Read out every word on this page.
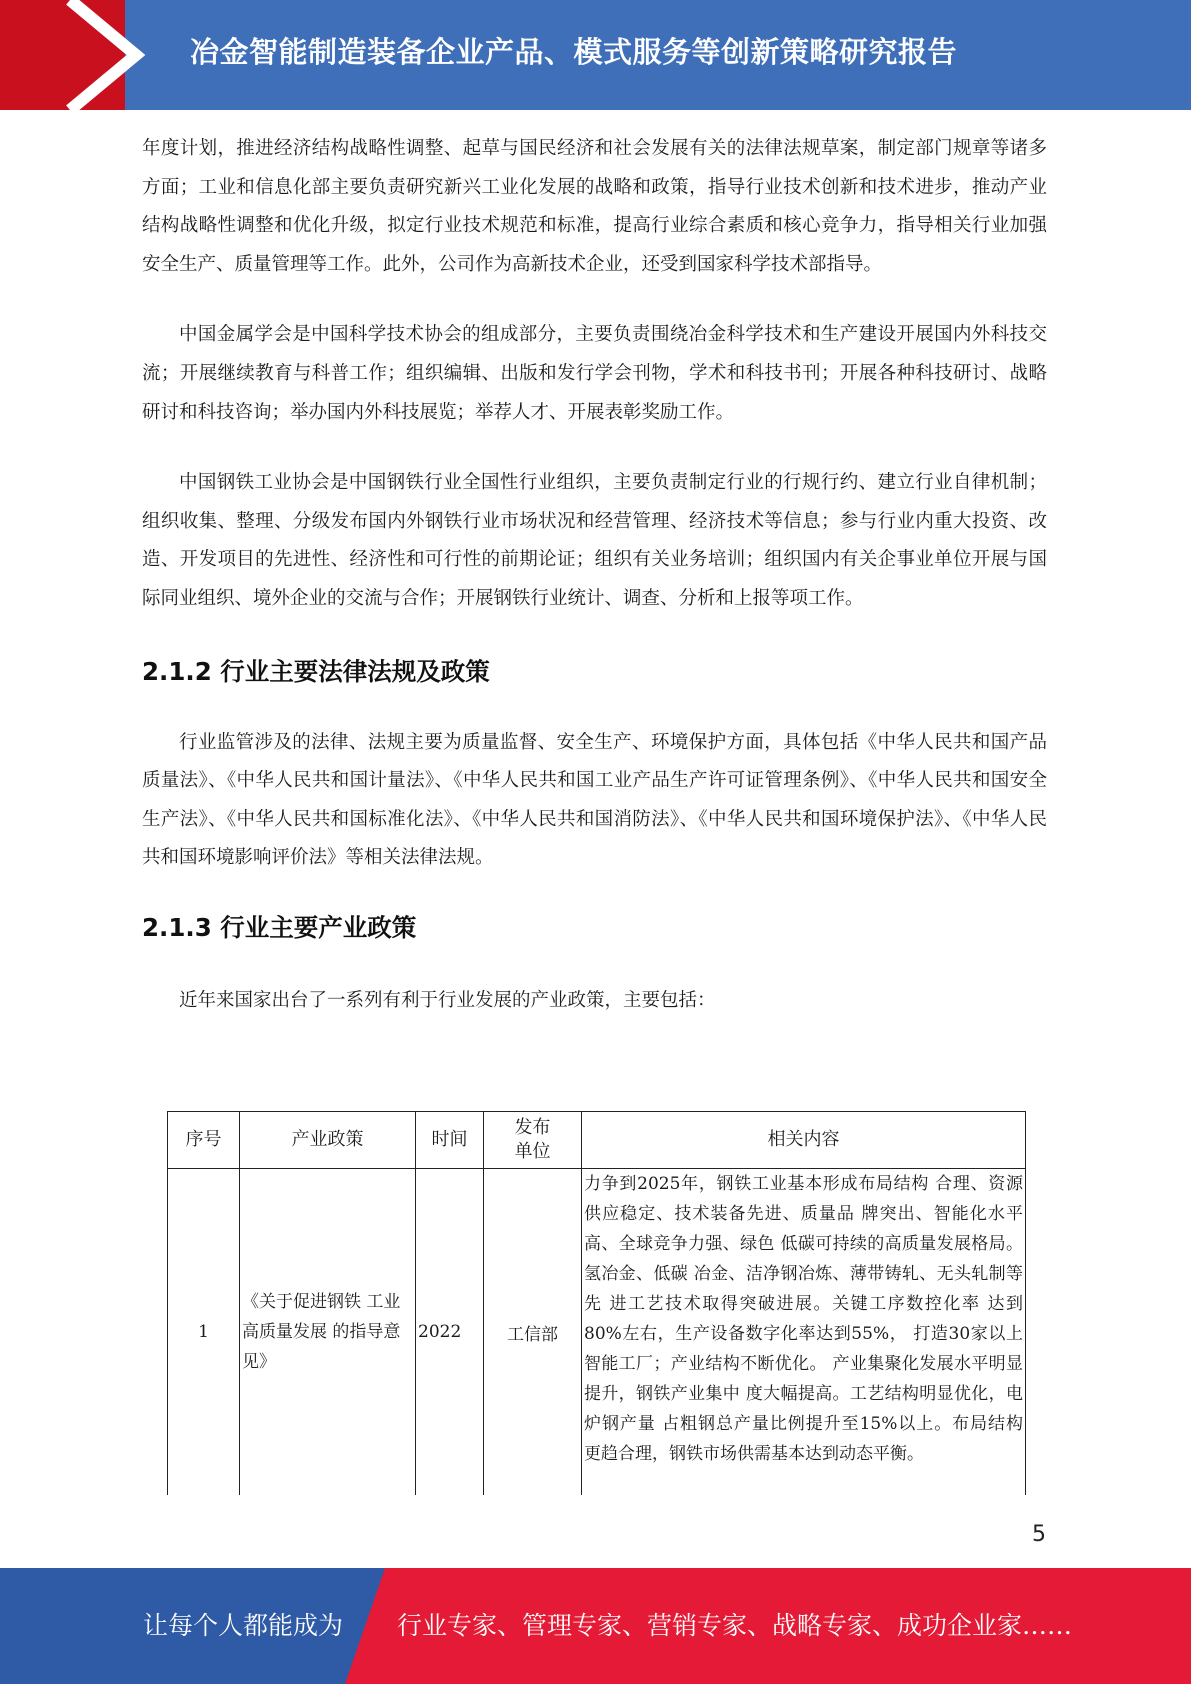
冶金智能制造装备企业产品、模式服务等创新策略研究报告

年度计划，推进经济结构战略性调整、起草与国民经济和社会发展有关的法律法规草案，制定部门规章等诸多方面；工业和信息化部主要负责研究新兴工业化发展的战略和政策，指导行业技术创新和技术进步，推动产业结构战略性调整和优化升级，拟定行业技术规范和标准，提高行业综合素质和核心竞争力，指导相关行业加强安全生产、质量管理等工作。此外，公司作为高新技术企业，还受到国家科学技术部指导。

中国金属学会是中国科学技术协会的组成部分，主要负责围绕冶金科学技术和生产建设开展国内外科技交流；开展继续教育与科普工作；组织编辑、出版和发行学会刊物，学术和科技书刊；开展各种科技研讨、战略研讨和科技咨询；举办国内外科技展览；举荐人才、开展表彰奖励工作。

中国钢铁工业协会是中国钢铁行业全国性行业组织，主要负责制定行业的行规行约、建立行业自律机制；组织收集、整理、分级发布国内外钢铁行业市场状况和经营管理、经济技术等信息；参与行业内重大投资、改造、开发项目的先进性、经济性和可行性的前期论证；组织有关业务培训；组织国内有关企事业单位开展与国际同业组织、境外企业的交流与合作；开展钢铁行业统计、调查、分析和上报等项工作。

2.1.2 行业主要法律法规及政策

行业监管涉及的法律、法规主要为质量监督、安全生产、环境保护方面，具体包括《中华人民共和国产品质量法》、《中华人民共和国计量法》、《中华人民共和国工业产品生产许可证管理条例》、《中华人民共和国安全生产法》、《中华人民共和国标准化法》、《中华人民共和国消防法》、《中华人民共和国环境保护法》、《中华人民共和国环境影响评价法》等相关法律法规。

2.1.3 行业主要产业政策

近年来国家出台了一系列有利于行业发展的产业政策，主要包括：

序号	产业政策	时间	发布单位	相关内容
1	《关于促进钢铁 工业高质量发展 的指导意见》	2022	工信部	力争到2025年，钢铁工业基本形成布局结构 合理、资源供应稳定、技术装备先进、质量品 牌突出、智能化水平高、全球竞争力强、绿色 低碳可持续的高质量发展格局。氢冶金、低碳 冶金、洁净钢冶炼、薄带铸轧、无头轧制等先 进工艺技术取得突破进展。关键工序数控化率 达到80%左右，生产设备数字化率达到55%， 打造30家以上智能工厂；产业结构不断优化。 产业集聚化发展水平明显提升，钢铁产业集中 度大幅提高。工艺结构明显优化，电炉钢产量 占粗钢总产量比例提升至15%以上。布局结构 更趋合理，钢铁市场供需基本达到动态平衡。
5
让每个人都能成为 行业专家、管理专家、营销专家、战略专家、成功企业家……
